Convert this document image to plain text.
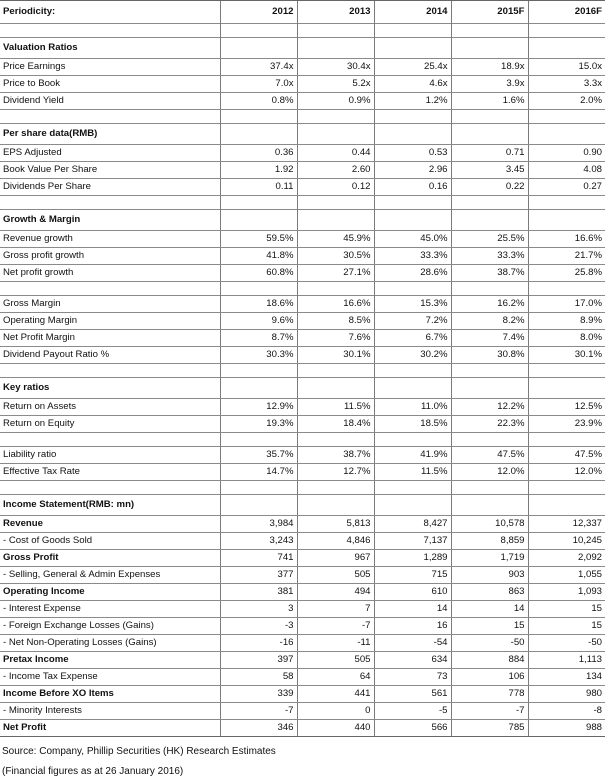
Periodicity:	2012	2013	2014	2015F	2016F

Valuation Ratios					
Price Earnings	37.4x	30.4x	25.4x	18.9x	15.0x
Price to Book	7.0x	5.2x	4.6x	3.9x	3.3x
Dividend Yield	0.8%	0.9%	1.2%	1.6%	2.0%

Per share data(RMB)					
EPS Adjusted	0.36	0.44	0.53	0.71	0.90
Book Value Per Share	1.92	2.60	2.96	3.45	4.08
Dividends Per Share	0.11	0.12	0.16	0.22	0.27

Growth & Margin					
Revenue growth	59.5%	45.9%	45.0%	25.5%	16.6%
Gross profit growth	41.8%	30.5%	33.3%	33.3%	21.7%
Net profit growth	60.8%	27.1%	28.6%	38.7%	25.8%

Gross Margin	18.6%	16.6%	15.3%	16.2%	17.0%
Operating Margin	9.6%	8.5%	7.2%	8.2%	8.9%
Net Profit Margin	8.7%	7.6%	6.7%	7.4%	8.0%
Dividend Payout Ratio %	30.3%	30.1%	30.2%	30.8%	30.1%

Key ratios					
Return on Assets	12.9%	11.5%	11.0%	12.2%	12.5%
Return on Equity	19.3%	18.4%	18.5%	22.3%	23.9%

Liability ratio	35.7%	38.7%	41.9%	47.5%	47.5%
Effective Tax Rate	14.7%	12.7%	11.5%	12.0%	12.0%

Income Statement(RMB: mn)					
Revenue	3,984	5,813	8,427	10,578	12,337
- Cost of Goods Sold	3,243	4,846	7,137	8,859	10,245
Gross Profit	741	967	1,289	1,719	2,092
- Selling, General & Admin Expenses	377	505	715	903	1,055
Operating Income	381	494	610	863	1,093
- Interest Expense	3	7	14	14	15
- Foreign Exchange Losses (Gains)	-3	-7	16	15	15
- Net Non-Operating Losses (Gains)	-16	-11	-54	-50	-50
Pretax Income	397	505	634	884	1,113
- Income Tax Expense	58	64	73	106	134
Income Before XO Items	339	441	561	778	980
- Minority Interests	-7	0	-5	-7	-8
Net Profit	346	440	566	785	988
Source: Company, Phillip Securities (HK) Research Estimates
(Financial figures as at 26 January 2016)
